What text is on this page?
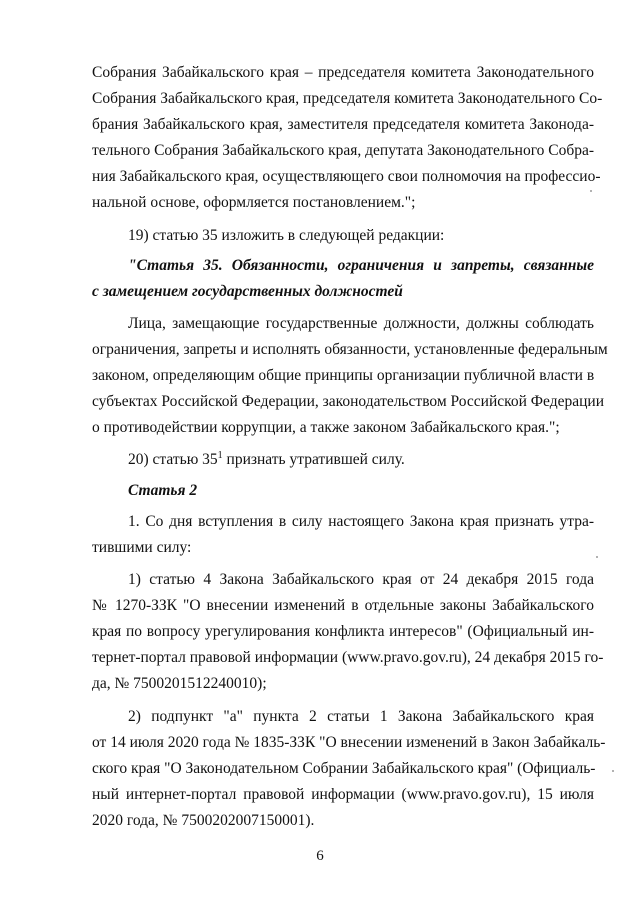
Собрания Забайкальского края – председателя комитета Законодательного
Собрания Забайкальского края, председателя комитета Законодательного Со-
брания Забайкальского края, заместителя председателя комитета Законода-
тельного Собрания Забайкальского края, депутата Законодательного Собра-
ния Забайкальского края, осуществляющего свои полномочия на профессио-
нальной основе, оформляется постановлением.";
19) статью 35 изложить в следующей редакции:
"Статья 35. Обязанности, ограничения и запреты, связанные
с замещением государственных должностей
Лица, замещающие государственные должности, должны соблюдать
ограничения, запреты и исполнять обязанности, установленные федеральным
законом, определяющим общие принципы организации публичной власти в
субъектах Российской Федерации, законодательством Российской Федерации
о противодействии коррупции, а также законом Забайкальского края.";
20) статью $35^1$ признать утратившей силу.
Статья 2
1. Со дня вступления в силу настоящего Закона края признать утра-
тившими силу:
1) статью 4 Закона Забайкальского края от 24 декабря 2015 года
№ 1270-ЗЗК "О внесении изменений в отдельные законы Забайкальского
края по вопросу урегулирования конфликта интересов" (Официальный ин-
тернет-портал правовой информации (www.pravo.gov.ru), 24 декабря 2015 го-
да, № 7500201512240010);
2) подпункт "а" пункта 2 статьи 1 Закона Забайкальского края
от 14 июля 2020 года № 1835-ЗЗК "О внесении изменений в Закон Забайкаль-
ского края "О Законодательном Собрании Забайкальского края" (Официаль-
ный интернет-портал правовой информации (www.pravo.gov.ru), 15 июля
2020 года, № 7500202007150001).
6
